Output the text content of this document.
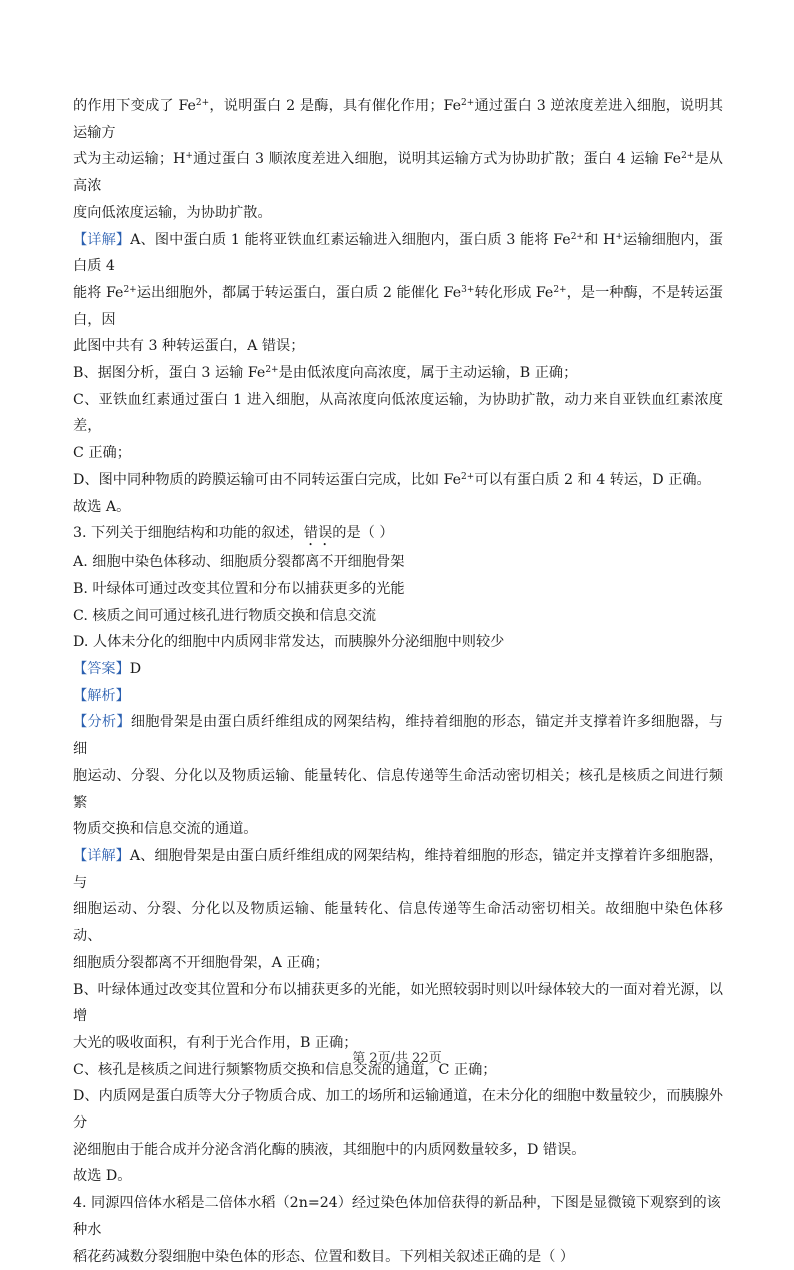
的作用下变成了 $Fe^{2+}$，说明蛋白 2 是酶，具有催化作用；$Fe^{2+}$通过蛋白 3 逆浓度差进入细胞，说明其运输方

式为主动运输；H+通过蛋白 3 顺浓度差进入细胞，说明其运输方式为协助扩散；蛋白 4 运输 $Fe^{2+}$是从高浓

度向低浓度运输，为协助扩散。

【详解】A、图中蛋白质 1 能将亚铁血红素运输进入细胞内，蛋白质 3 能将 $Fe^{2+}$和 H+运输细胞内，蛋白质 4

能将 $Fe^{2+}$运出细胞外，都属于转运蛋白，蛋白质 2 能催化 $Fe^{3+}$转化形成 $Fe^{2+}$，是一种酶，不是转运蛋白，因

此图中共有 3 种转运蛋白，A 错误；

B、据图分析，蛋白 3 运输 $Fe^{2+}$是由低浓度向高浓度，属于主动运输，B 正确；

C、亚铁血红素通过蛋白 1 进入细胞，从高浓度向低浓度运输，为协助扩散，动力来自亚铁血红素浓度差，

C 正确；

D、图中同种物质的跨膜运输可由不同转运蛋白完成，比如 $Fe^{2+}$可以有蛋白质 2 和 4 转运，D 正确。

故选 A。

3. 下列关于细胞结构和功能的叙述，错误的是（ ）

A. 细胞中染色体移动、细胞质分裂都离不开细胞骨架

B. 叶绿体可通过改变其位置和分布以捕获更多的光能

C. 核质之间可通过核孔进行物质交换和信息交流

D. 人体未分化的细胞中内质网非常发达，而胰腺外分泌细胞中则较少

【答案】D

【解析】

【分析】细胞骨架是由蛋白质纤维组成的网架结构，维持着细胞的形态，锚定并支撑着许多细胞器，与细

胞运动、分裂、分化以及物质运输、能量转化、信息传递等生命活动密切相关；核孔是核质之间进行频繁

物质交换和信息交流的通道。

【详解】A、细胞骨架是由蛋白质纤维组成的网架结构，维持着细胞的形态，锚定并支撑着许多细胞器，与

细胞运动、分裂、分化以及物质运输、能量转化、信息传递等生命活动密切相关。故细胞中染色体移动、

细胞质分裂都离不开细胞骨架，A 正确；

B、叶绿体通过改变其位置和分布以捕获更多的光能，如光照较弱时则以叶绿体较大的一面对着光源，以增

大光的吸收面积，有利于光合作用，B 正确；

C、核孔是核质之间进行频繁物质交换和信息交流的通道，C 正确；

D、内质网是蛋白质等大分子物质合成、加工的场所和运输通道，在未分化的细胞中数量较少，而胰腺外分

泌细胞由于能合成并分泌含消化酶的胰液，其细胞中的内质网数量较多，D 错误。

故选 D。

4. 同源四倍体水稻是二倍体水稻（2n=24）经过染色体加倍获得的新品种，下图是显微镜下观察到的该种水

稻花药减数分裂细胞中染色体的形态、位置和数目。下列相关叙述正确的是（ ）

第 2页/共 22页
